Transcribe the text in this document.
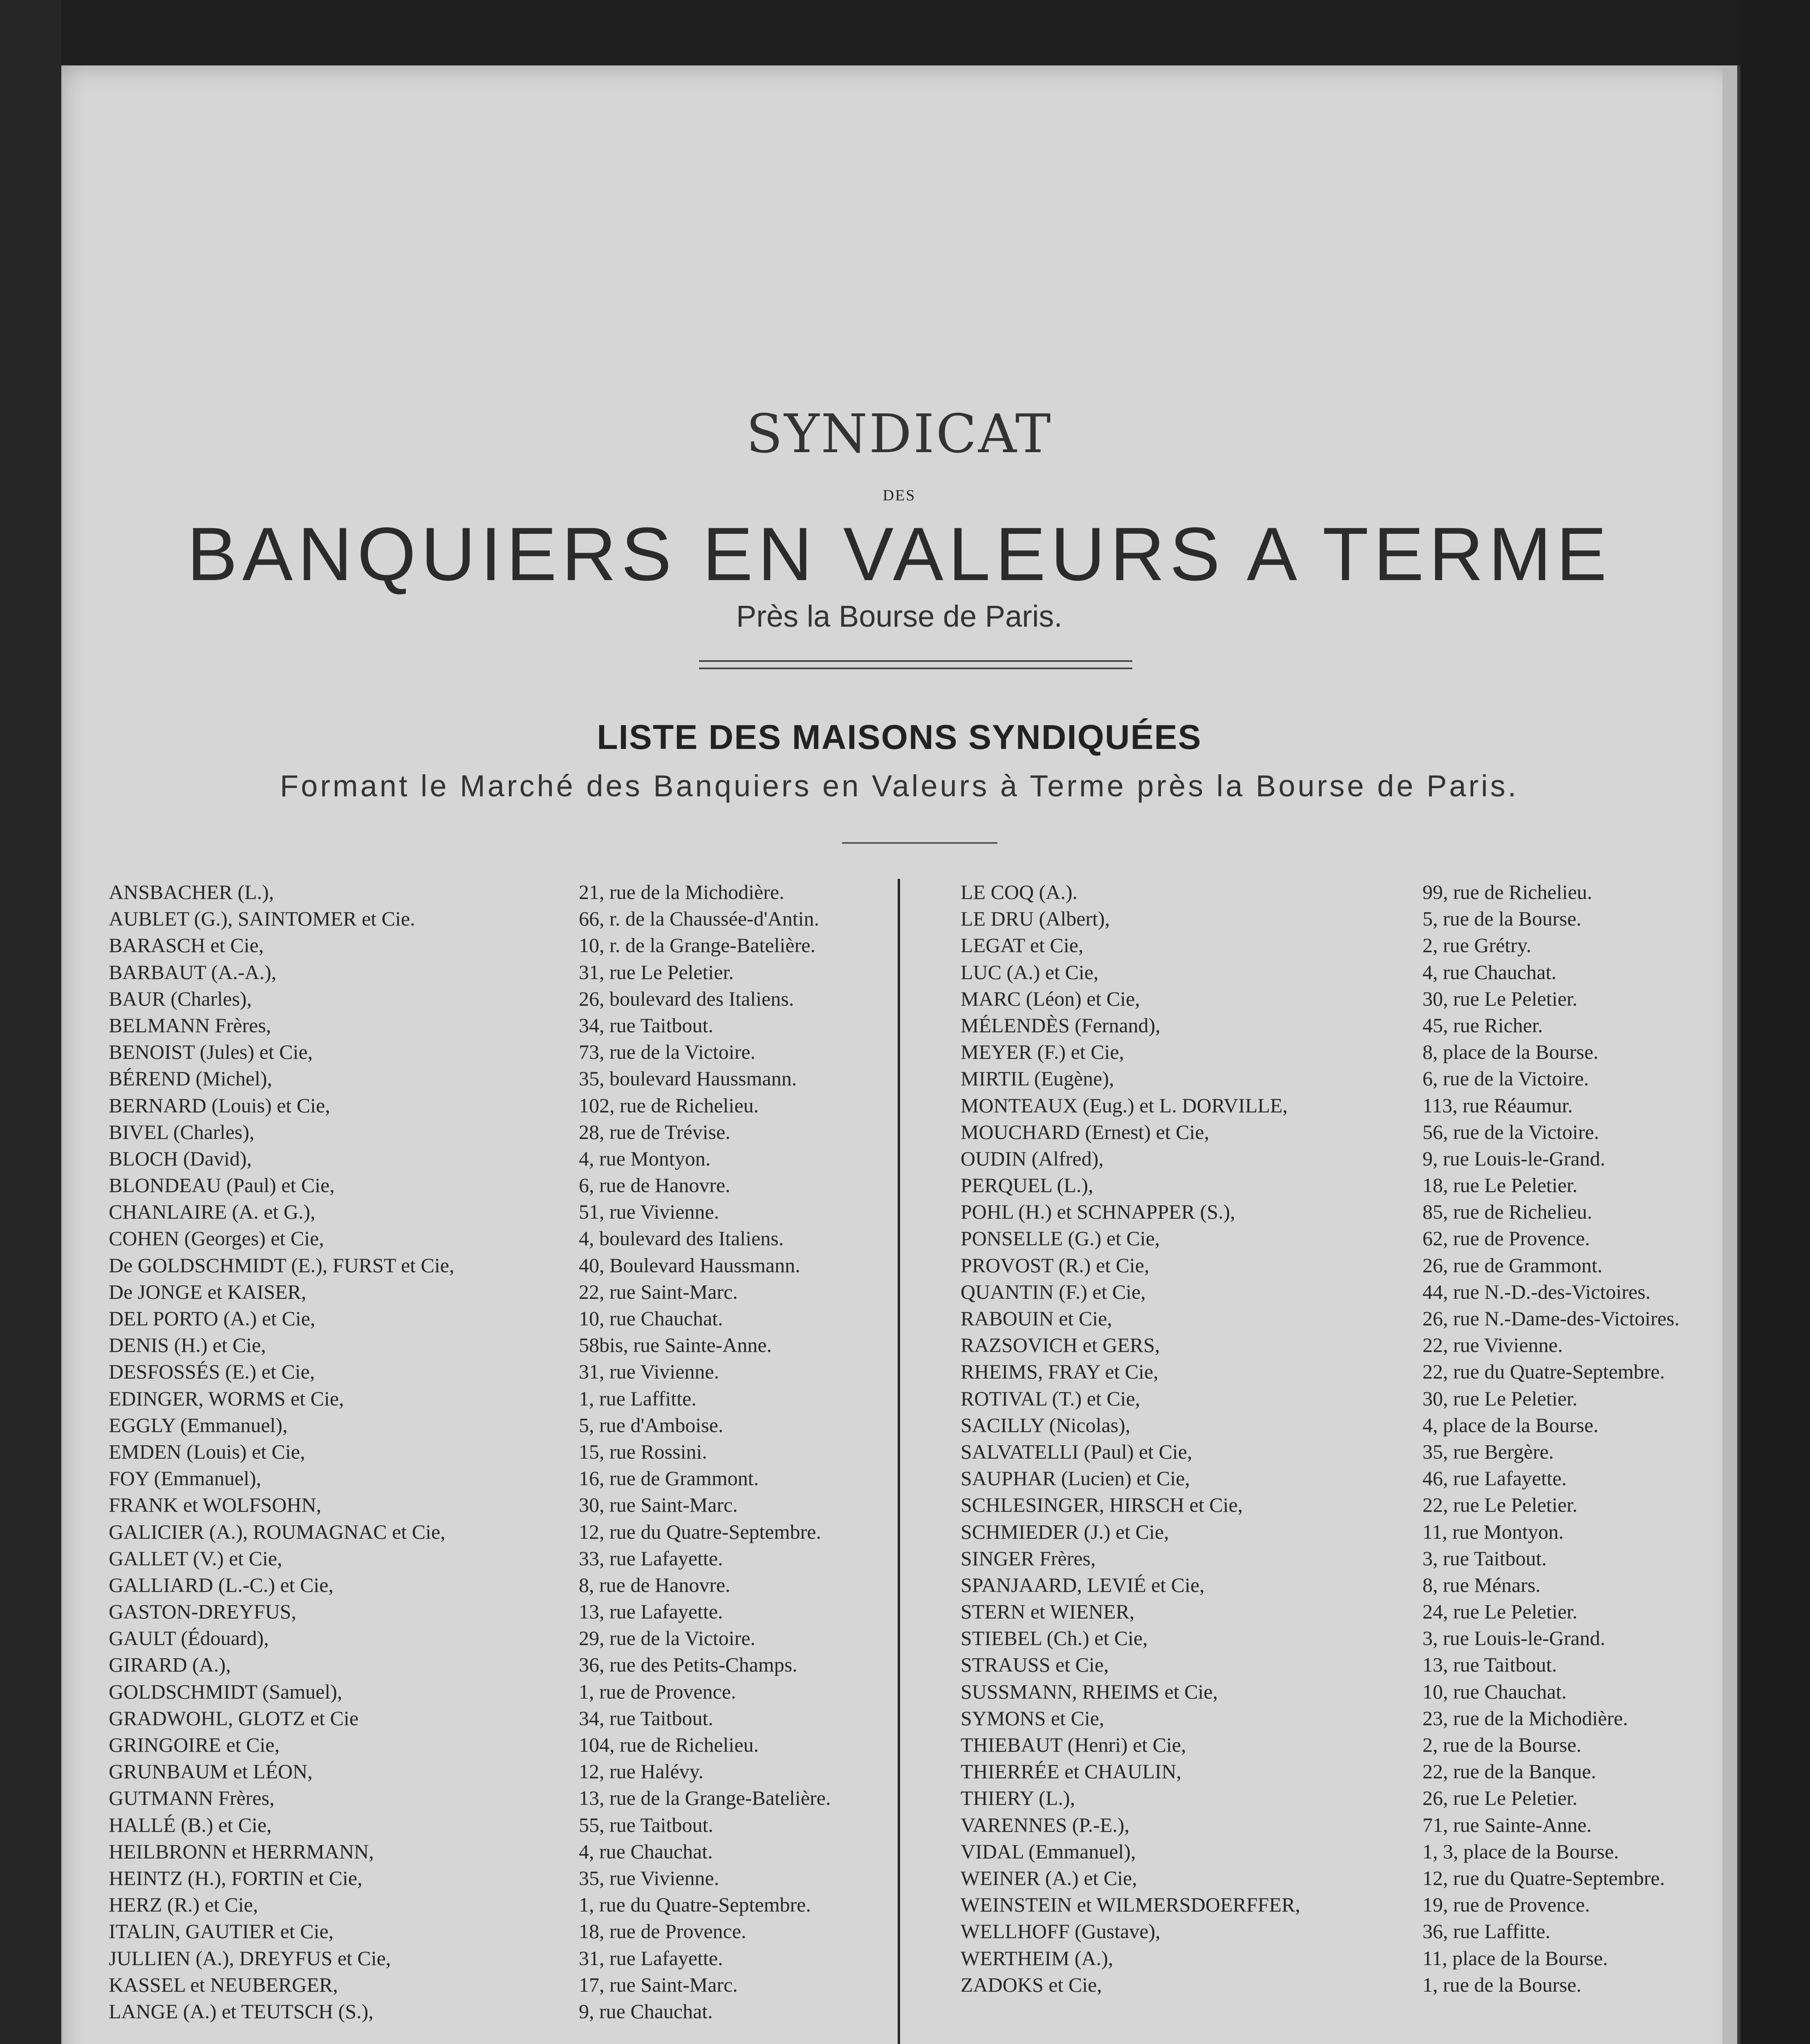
SYNDICAT
DES
BANQUIERS EN VALEURS A TERME
Près la Bourse de Paris.
LISTE DES MAISONS SYNDIQUÉES
Formant le Marché des Banquiers en Valeurs à Terme près la Bourse de Paris.
ANSBACHER (L.),	21, rue de la Michodière.
AUBLET (G.), SAINTOMER et Cie.	66, r. de la Chaussée-d'Antin.
BARASCH et Cie,	10, r. de la Grange-Batelière.
BARBAUT (A.-A.),	31, rue Le Peletier.
BAUR (Charles),	26, boulevard des Italiens.
BELMANN Frères,	34, rue Taitbout.
BENOIST (Jules) et Cie,	73, rue de la Victoire.
BÉREND (Michel),	35, boulevard Haussmann.
BERNARD (Louis) et Cie,	102, rue de Richelieu.
BIVEL (Charles),	28, rue de Trévise.
BLOCH (David),	4, rue Montyon.
BLONDEAU (Paul) et Cie,	6, rue de Hanovre.
CHANLAIRE (A. et G.),	51, rue Vivienne.
COHEN (Georges) et Cie,	4, boulevard des Italiens.
De GOLDSCHMIDT (E.), FURST et Cie,	40, Boulevard Haussmann.
De JONGE et KAISER,	22, rue Saint-Marc.
DEL PORTO (A.) et Cie,	10, rue Chauchat.
DENIS (H.) et Cie,	58bis, rue Sainte-Anne.
DESFOSSÉS (E.) et Cie,	31, rue Vivienne.
EDINGER, WORMS et Cie,	1, rue Laffitte.
EGGLY (Emmanuel),	5, rue d'Amboise.
EMDEN (Louis) et Cie,	15, rue Rossini.
FOY (Emmanuel),	16, rue de Grammont.
FRANK et WOLFSOHN,	30, rue Saint-Marc.
GALICIER (A.), ROUMAGNAC et Cie,	12, rue du Quatre-Septembre.
GALLET (V.) et Cie,	33, rue Lafayette.
GALLIARD (L.-C.) et Cie,	8, rue de Hanovre.
GASTON-DREYFUS,	13, rue Lafayette.
GAULT (Édouard),	29, rue de la Victoire.
GIRARD (A.),	36, rue des Petits-Champs.
GOLDSCHMIDT (Samuel),	1, rue de Provence.
GRADWOHL, GLOTZ et Cie	34, rue Taitbout.
GRINGOIRE et Cie,	104, rue de Richelieu.
GRUNBAUM et LÉON,	12, rue Halévy.
GUTMANN Frères,	13, rue de la Grange-Batelière.
HALLÉ (B.) et Cie,	55, rue Taitbout.
HEILBRONN et HERRMANN,	4, rue Chauchat.
HEINTZ (H.), FORTIN et Cie,	35, rue Vivienne.
HERZ (R.) et Cie,	1, rue du Quatre-Septembre.
ITALIN, GAUTIER et Cie,	18, rue de Provence.
JULLIEN (A.), DREYFUS et Cie,	31, rue Lafayette.
KASSEL et NEUBERGER,	17, rue Saint-Marc.
LANGE (A.) et TEUTSCH (S.),	9, rue Chauchat.
LE COQ (A.).	99, rue de Richelieu.
LE DRU (Albert),	5, rue de la Bourse.
LEGAT et Cie,	2, rue Grétry.
LUC (A.) et Cie,	4, rue Chauchat.
MARC (Léon) et Cie,	30, rue Le Peletier.
MÉLENDÈS (Fernand),	45, rue Richer.
MEYER (F.) et Cie,	8, place de la Bourse.
MIRTIL (Eugène),	6, rue de la Victoire.
MONTEAUX (Eug.) et L. DORVILLE,	113, rue Réaumur.
MOUCHARD (Ernest) et Cie,	56, rue de la Victoire.
OUDIN (Alfred),	9, rue Louis-le-Grand.
PERQUEL (L.),	18, rue Le Peletier.
POHL (H.) et SCHNAPPER (S.),	85, rue de Richelieu.
PONSELLE (G.) et Cie,	62, rue de Provence.
PROVOST (R.) et Cie,	26, rue de Grammont.
QUANTIN (F.) et Cie,	44, rue N.-D.-des-Victoires.
RABOUIN et Cie,	26, rue N.-Dame-des-Victoires.
RAZSOVICH et GERS,	22, rue Vivienne.
RHEIMS, FRAY et Cie,	22, rue du Quatre-Septembre.
ROTIVAL (T.) et Cie,	30, rue Le Peletier.
SACILLY (Nicolas),	4, place de la Bourse.
SALVATELLI (Paul) et Cie,	35, rue Bergère.
SAUPHAR (Lucien) et Cie,	46, rue Lafayette.
SCHLESINGER, HIRSCH et Cie,	22, rue Le Peletier.
SCHMIEDER (J.) et Cie,	11, rue Montyon.
SINGER Frères,	3, rue Taitbout.
SPANJAARD, LEVIÉ et Cie,	8, rue Ménars.
STERN et WIENER,	24, rue Le Peletier.
STIEBEL (Ch.) et Cie,	3, rue Louis-le-Grand.
STRAUSS et Cie,	13, rue Taitbout.
SUSSMANN, RHEIMS et Cie,	10, rue Chauchat.
SYMONS et Cie,	23, rue de la Michodière.
THIEBAUT (Henri) et Cie,	2, rue de la Bourse.
THIERRÉE et CHAULIN,	22, rue de la Banque.
THIERY (L.),	26, rue Le Peletier.
VARENNES (P.-E.),	71, rue Sainte-Anne.
VIDAL (Emmanuel),	1, 3, place de la Bourse.
WEINER (A.) et Cie,	12, rue du Quatre-Septembre.
WEINSTEIN et WILMERSDOERFFER,	19, rue de Provence.
WELLHOFF (Gustave),	36, rue Laffitte.
WERTHEIM (A.),	11, place de la Bourse.
ZADOKS et Cie,	1, rue de la Bourse.
